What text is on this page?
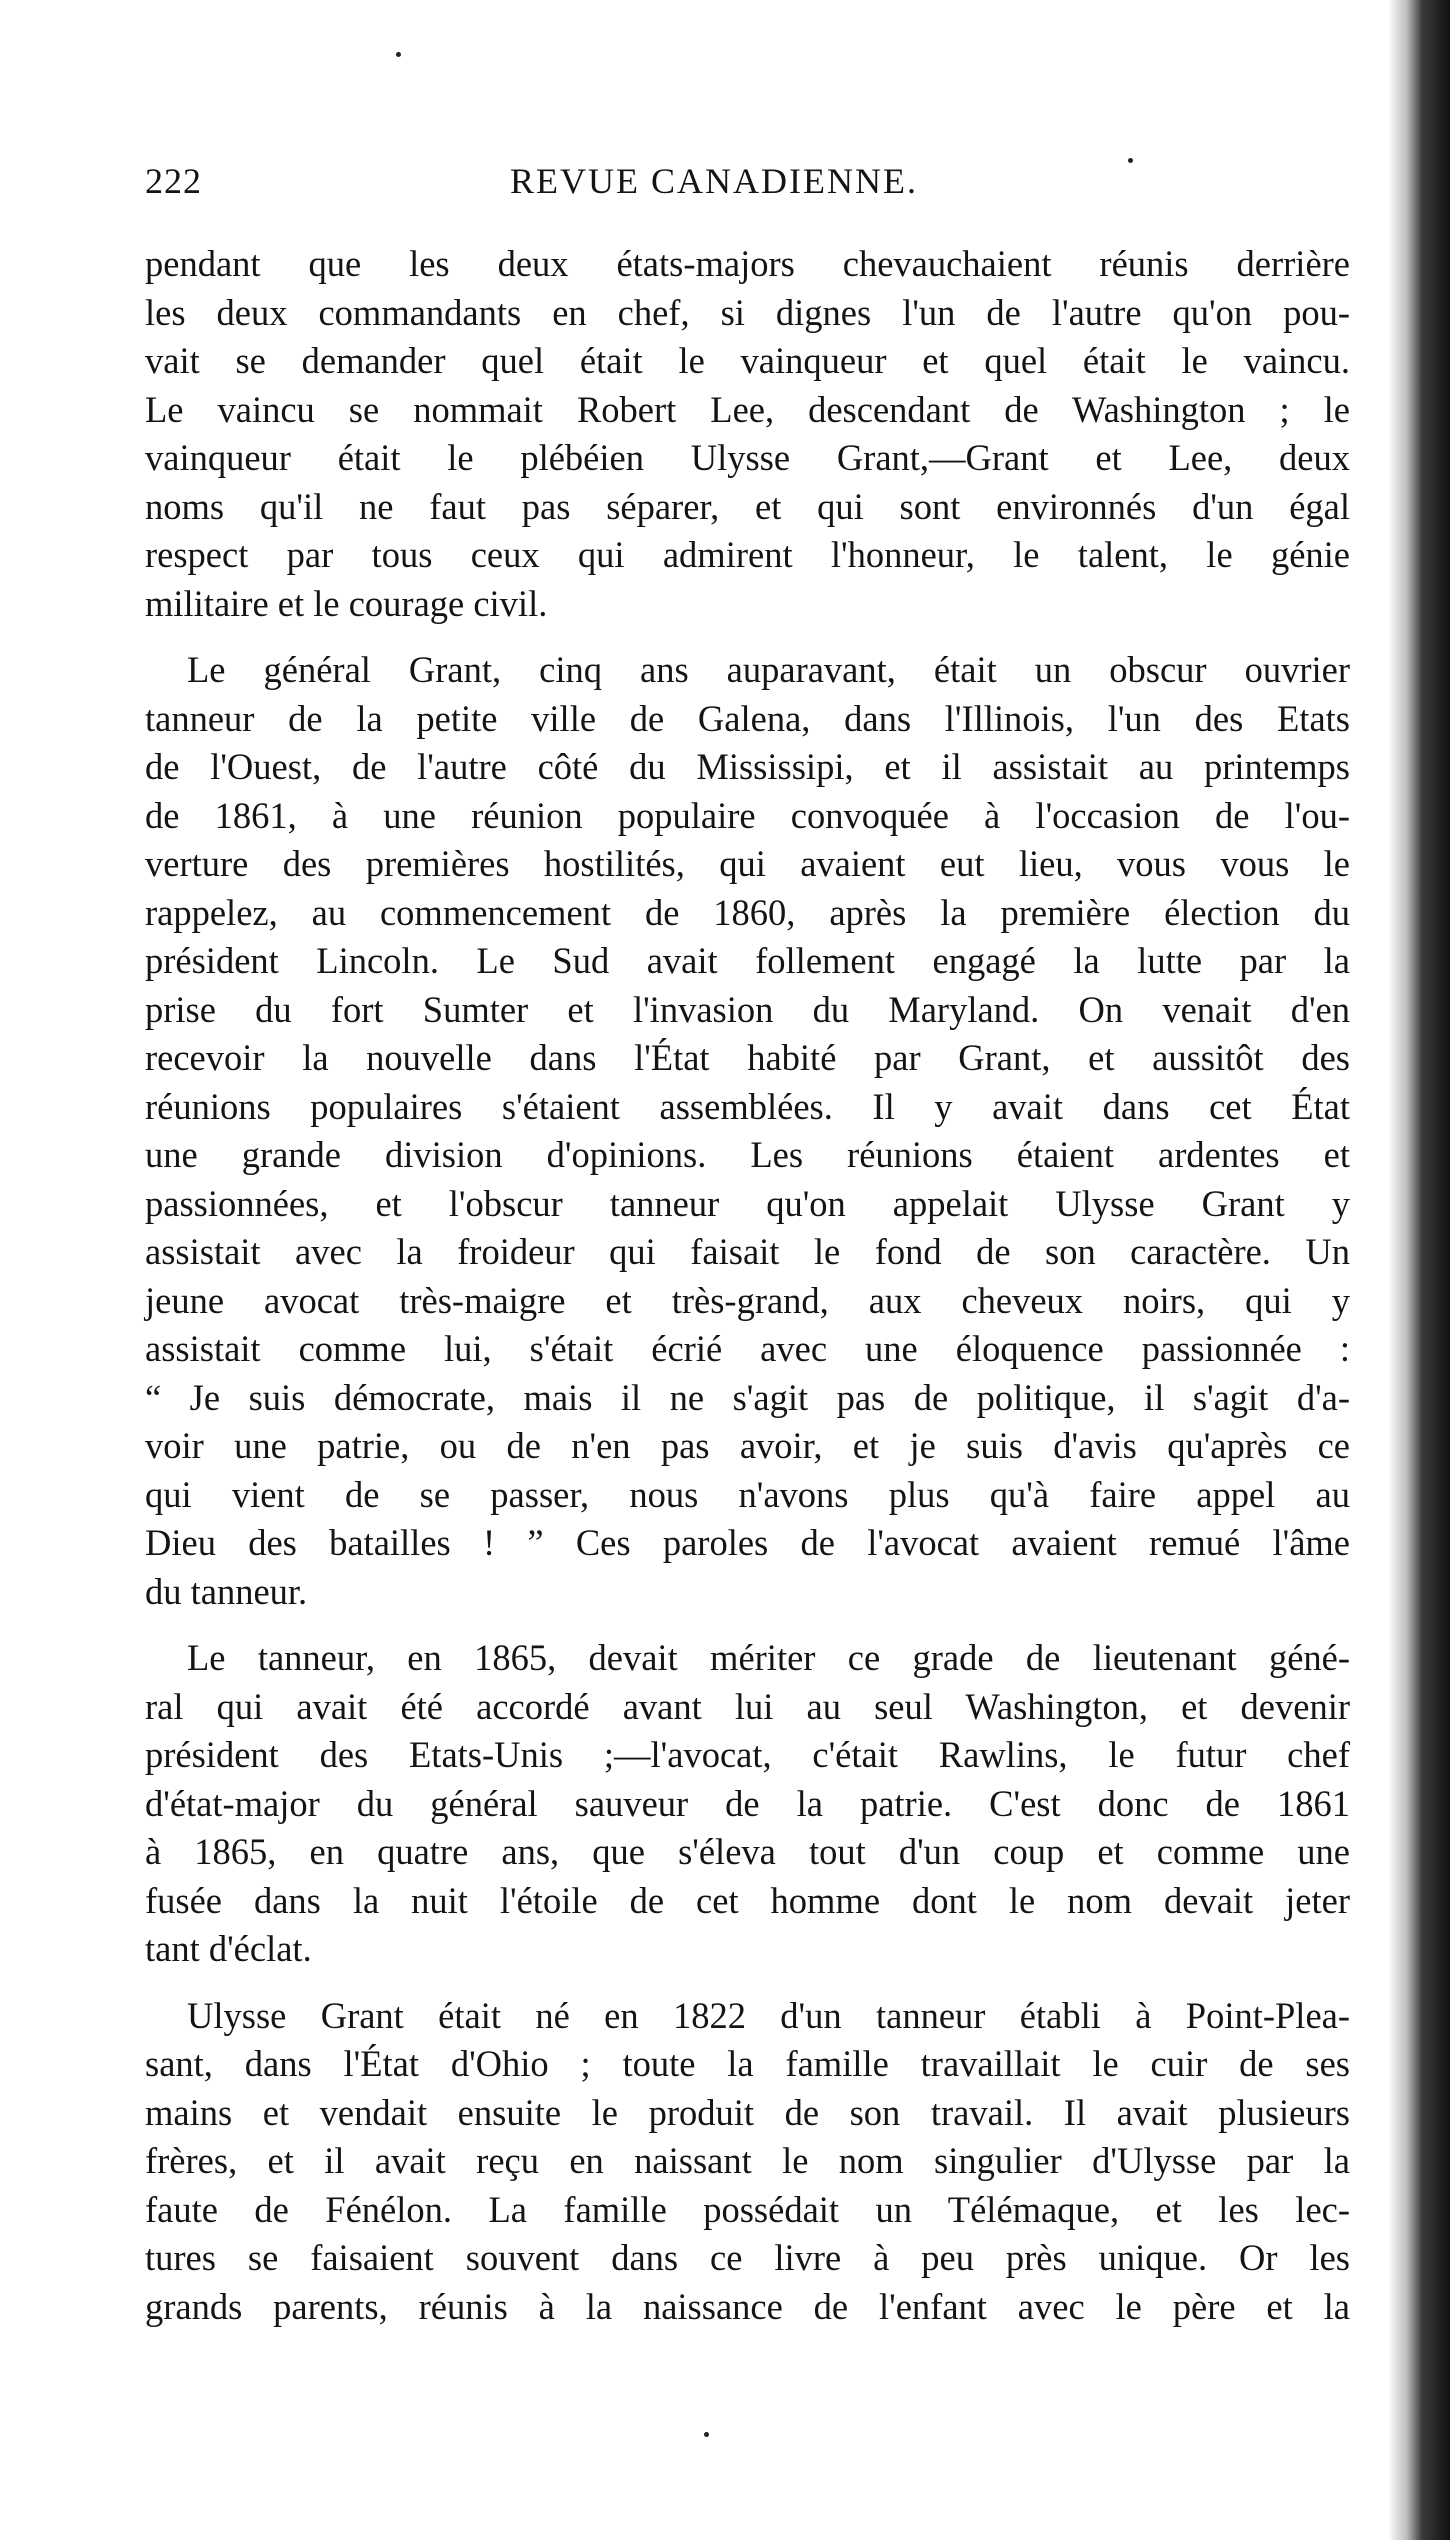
222	REVUE CANADIENNE.
pendant que les deux états-majors chevauchaient réunis derrière
les deux commandants en chef, si dignes l'un de l'autre qu'on pou-
vait se demander quel était le vainqueur et quel était le vaincu.
Le vaincu se nommait Robert Lee, descendant de Washington ; le
vainqueur était le plébéien Ulysse Grant,—Grant et Lee, deux
noms qu'il ne faut pas séparer, et qui sont environnés d'un égal
respect par tous ceux qui admirent l'honneur, le talent, le génie
militaire et le courage civil.
Le général Grant, cinq ans auparavant, était un obscur ouvrier
tanneur de la petite ville de Galena, dans l'Illinois, l'un des Etats
de l'Ouest, de l'autre côté du Mississipi, et il assistait au printemps
de 1861, à une réunion populaire convoquée à l'occasion de l'ou-
verture des premières hostilités, qui avaient eut lieu, vous vous le
rappelez, au commencement de 1860, après la première élection du
président Lincoln. Le Sud avait follement engagé la lutte par la
prise du fort Sumter et l'invasion du Maryland. On venait d'en
recevoir la nouvelle dans l'État habité par Grant, et aussitôt des
réunions populaires s'étaient assemblées. Il y avait dans cet État
une grande division d'opinions. Les réunions étaient ardentes et
passionnées, et l'obscur tanneur qu'on appelait Ulysse Grant y
assistait avec la froideur qui faisait le fond de son caractère. Un
jeune avocat très-maigre et très-grand, aux cheveux noirs, qui y
assistait comme lui, s'était écrié avec une éloquence passionnée :
“ Je suis démocrate, mais il ne s'agit pas de politique, il s'agit d'a-
voir une patrie, ou de n'en pas avoir, et je suis d'avis qu'après ce
qui vient de se passer, nous n'avons plus qu'à faire appel au
Dieu des batailles ! ” Ces paroles de l'avocat avaient remué l'âme
du tanneur.
Le tanneur, en 1865, devait mériter ce grade de lieutenant géné-
ral qui avait été accordé avant lui au seul Washington, et devenir
président des Etats-Unis ;—l'avocat, c'était Rawlins, le futur chef
d'état-major du général sauveur de la patrie. C'est donc de 1861
à 1865, en quatre ans, que s'éleva tout d'un coup et comme une
fusée dans la nuit l'étoile de cet homme dont le nom devait jeter
tant d'éclat.
Ulysse Grant était né en 1822 d'un tanneur établi à Point-Plea-
sant, dans l'État d'Ohio ; toute la famille travaillait le cuir de ses
mains et vendait ensuite le produit de son travail. Il avait plusieurs
frères, et il avait reçu en naissant le nom singulier d'Ulysse par la
faute de Fénélon. La famille possédait un Télémaque, et les lec-
tures se faisaient souvent dans ce livre à peu près unique. Or les
grands parents, réunis à la naissance de l'enfant avec le père et la
